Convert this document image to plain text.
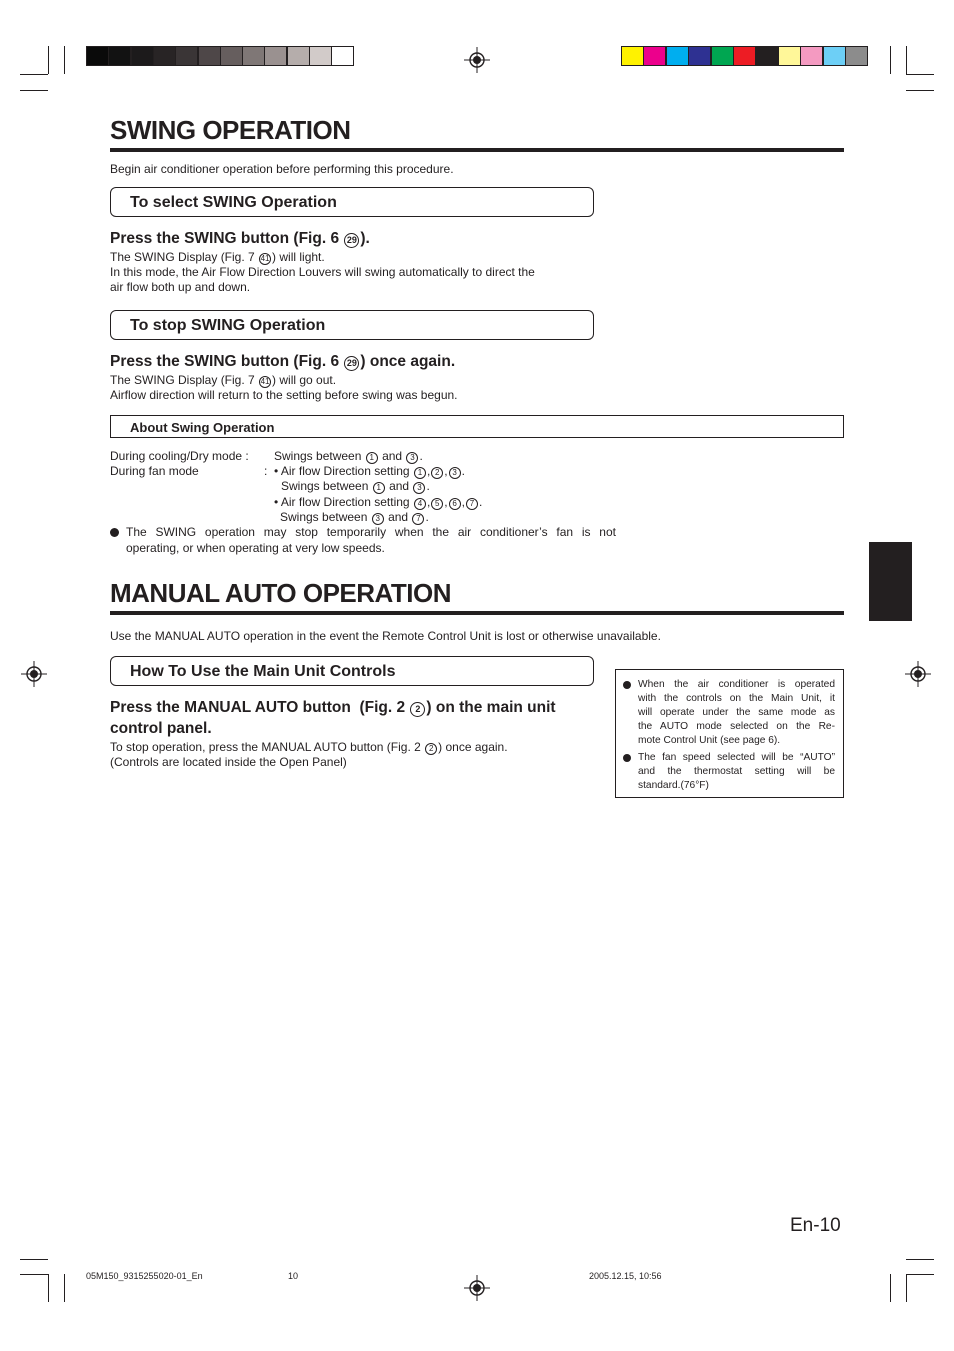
SWING OPERATION
Begin air conditioner operation before performing this procedure.
To select SWING Operation
Press the SWING button (Fig. 6 29 ).
The SWING Display (Fig. 7 41 ) will light.
In this mode, the Air Flow Direction Louvers will swing automatically to direct the
air flow both up and down.
To stop SWING Operation
Press the SWING button (Fig. 6 29 ) once again.
The SWING Display (Fig. 7 41 ) will go out.
Airflow direction will return to the setting before swing was begun.
About Swing Operation
During cooling/Dry mode : Swings between 1 and 3 .
During fan mode	: • Air flow Direction setting 1 , 2 , 3 .
Swings between 1 and 3 .
• Air flow Direction setting 4 , 5 , 6 , 7 .
Swings between 3 and 7 .
The SWING operation may stop temporarily when the air conditioner’s fan is not
operating, or when operating at very low speeds.
MANUAL AUTO OPERATION
Use the MANUAL AUTO operation in the event the Remote Control Unit is lost or otherwise unavailable.
How To Use the Main Unit Controls
Press the MANUAL AUTO button  (Fig. 2 2 ) on the main unit
control panel.
To stop operation, press the MANUAL AUTO button (Fig. 2 2 ) once again.
(Controls are located inside the Open Panel)
When the air conditioner is operated
with the controls on the Main Unit, it
will operate under the same mode as
the AUTO mode selected on the Re-
mote Control Unit (see page 6).
The fan speed selected will be “AUTO”
and the thermostat setting will be
standard.(76°F)
En-10
05M150_9315255020-01_En	10	2005.12.15, 10:56
